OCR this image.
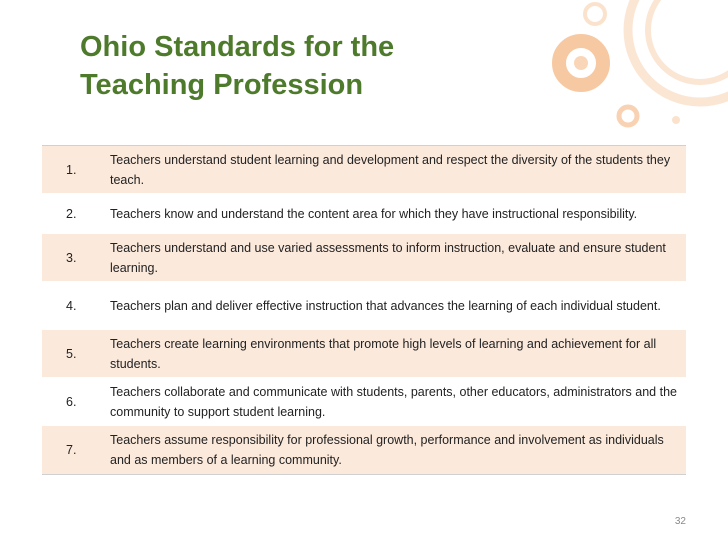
Ohio Standards for the
Teaching Profession
1.
Teachers understand student learning and development and respect the diversity of the students they teach.
2.	Teachers know and understand the content area for which they have instructional responsibility.
3.
Teachers understand and use varied assessments to inform instruction, evaluate and ensure student learning.
4.	Teachers plan and deliver effective instruction that advances the learning of each individual student.
5.
Teachers create learning environments that promote high levels of learning and achievement for all students.
6.
Teachers collaborate and communicate with students, parents, other educators, administrators and the community to support student learning.
7.
Teachers assume responsibility for professional growth, performance and involvement as individuals and as members of a learning community.
32
